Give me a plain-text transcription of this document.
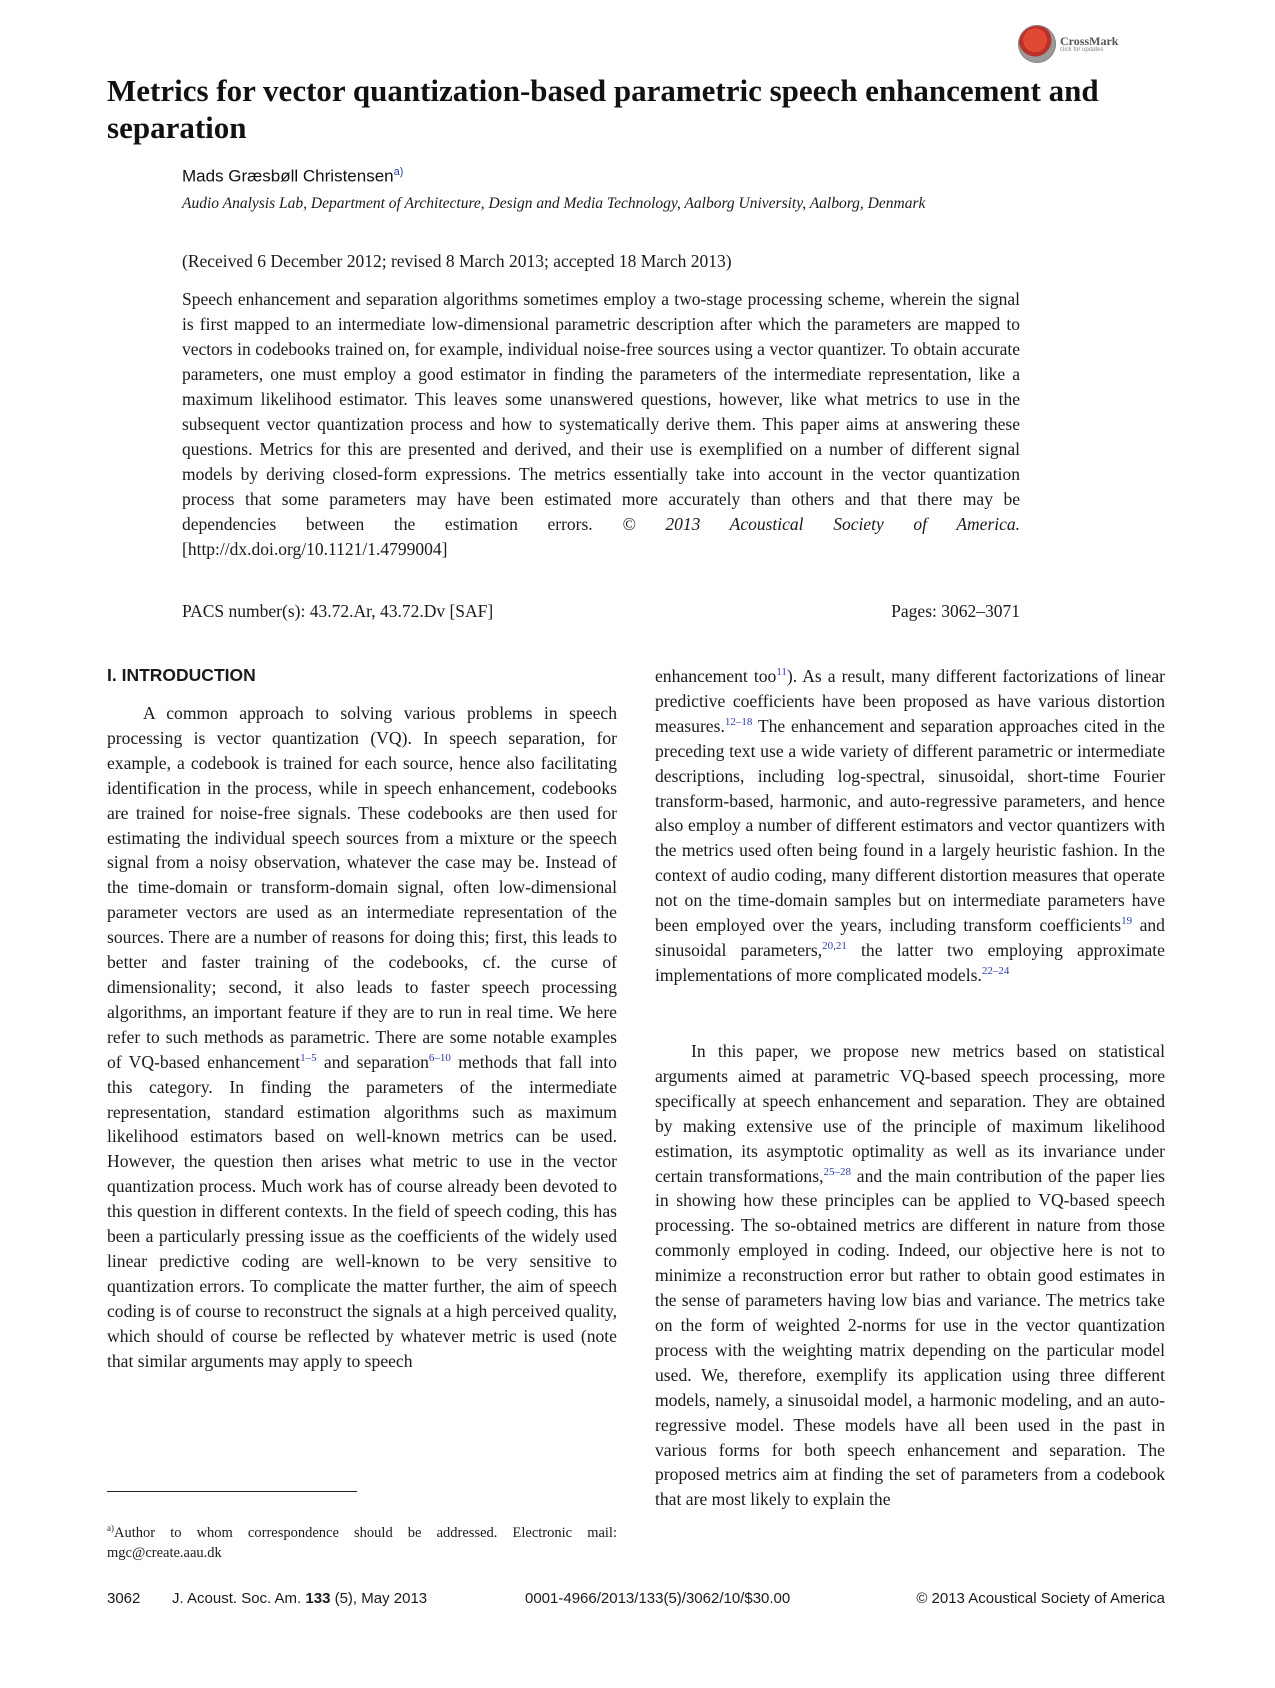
CrossMark
click for updates
Metrics for vector quantization-based parametric speech enhancement and separation
Mads Græsbøll Christensen$^{a)}$
Audio Analysis Lab, Department of Architecture, Design and Media Technology, Aalborg University, Aalborg, Denmark
(Received 6 December 2012; revised 8 March 2013; accepted 18 March 2013)

Speech enhancement and separation algorithms sometimes employ a two-stage processing scheme, wherein the signal is first mapped to an intermediate low-dimensional parametric description after which the parameters are mapped to vectors in codebooks trained on, for example, individual noise-free sources using a vector quantizer. To obtain accurate parameters, one must employ a good estimator in finding the parameters of the intermediate representation, like a maximum likelihood estimator. This leaves some unanswered questions, however, like what metrics to use in the subsequent vector quantization process and how to systematically derive them. This paper aims at answering these questions. Metrics for this are presented and derived, and their use is exemplified on a number of different signal models by deriving closed-form expressions. The metrics essentially take into account in the vector quantization process that some parameters may have been estimated more accurately than others and that there may be dependencies between the estimation errors. © 2013 Acoustical Society of America. [http://dx.doi.org/10.1121/1.4799004]

PACS number(s): 43.72.Ar, 43.72.Dv [SAF]	Pages: 3062–3071
I. INTRODUCTION

A common approach to solving various problems in speech processing is vector quantization (VQ). In speech separation, for example, a codebook is trained for each source, hence also facilitating identification in the process, while in speech enhancement, codebooks are trained for noise-free signals. These codebooks are then used for estimating the individual speech sources from a mixture or the speech signal from a noisy observation, whatever the case may be. Instead of the time-domain or transform-domain signal, often low-dimensional parameter vectors are used as an intermediate representation of the sources. There are a number of reasons for doing this; first, this leads to better and faster training of the codebooks, cf. the curse of dimensionality; second, it also leads to faster speech processing algorithms, an important feature if they are to run in real time. We here refer to such methods as parametric. There are some notable examples of VQ-based enhancement$^{1-5}$ and separation$^{6-10}$ methods that fall into this category. In finding the parameters of the intermediate representation, standard estimation algorithms such as maximum likelihood estimators based on well-known metrics can be used. However, the question then arises what metric to use in the vector quantization process. Much work has of course already been devoted to this question in different contexts. In the field of speech coding, this has been a particularly pressing issue as the coefficients of the widely used linear predictive coding are well-known to be very sensitive to quantization errors. To complicate the matter further, the aim of speech coding is of course to reconstruct the signals at a high perceived quality, which should of course be reflected by whatever metric is used (note that similar arguments may apply to speech

enhancement too$^{11}$). As a result, many different factorizations of linear predictive coefficients have been proposed as have various distortion measures.$^{12-18}$ The enhancement and separation approaches cited in the preceding text use a wide variety of different parametric or intermediate descriptions, including log-spectral, sinusoidal, short-time Fourier transform-based, harmonic, and auto-regressive parameters, and hence also employ a number of different estimators and vector quantizers with the metrics used often being found in a largely heuristic fashion. In the context of audio coding, many different distortion measures that operate not on the time-domain samples but on intermediate parameters have been employed over the years, including transform coefficients$^{19}$ and sinusoidal parameters,$^{20,21}$ the latter two employing approximate implementations of more complicated models.$^{22-24}$

In this paper, we propose new metrics based on statistical arguments aimed at parametric VQ-based speech processing, more specifically at speech enhancement and separation. They are obtained by making extensive use of the principle of maximum likelihood estimation, its asymptotic optimality as well as its invariance under certain transformations,$^{25-28}$ and the main contribution of the paper lies in showing how these principles can be applied to VQ-based speech processing. The so-obtained metrics are different in nature from those commonly employed in coding. Indeed, our objective here is not to minimize a reconstruction error but rather to obtain good estimates in the sense of parameters having low bias and variance. The metrics take on the form of weighted 2-norms for use in the vector quantization process with the weighting matrix depending on the particular model used. We, therefore, exemplify its application using three different models, namely, a sinusoidal model, a harmonic modeling, and an auto-regressive model. These models have all been used in the past in various forms for both speech enhancement and separation. The proposed metrics aim at finding the set of parameters from a codebook that are most likely to explain the

$^{a)}$Author to whom correspondence should be addressed. Electronic mail: mgc@create.aau.dk

3062 J. Acoust. Soc. Am. 133 (5), May 2013	0001-4966/2013/133(5)/3062/10/$30.00	© 2013 Acoustical Society of America
